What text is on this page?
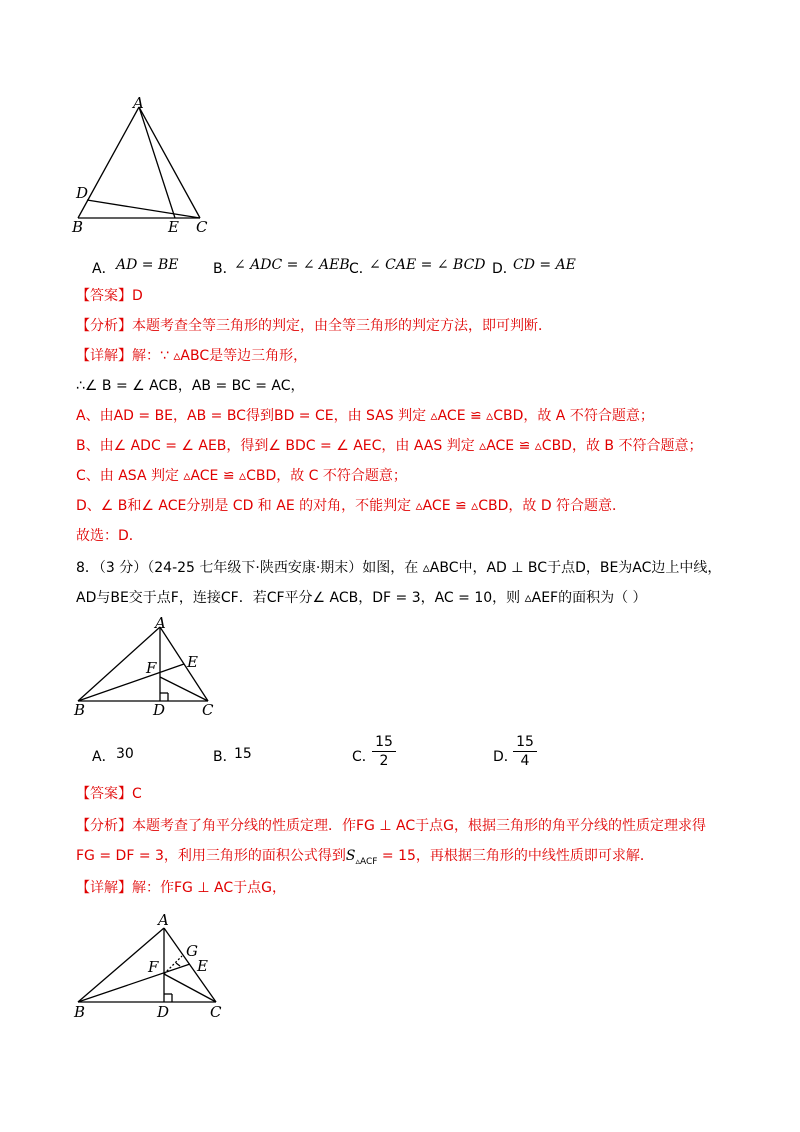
A
D
B	E C
A． AD = BE B．
∠ ADC = ∠ AEB C．
∠ CAE = ∠ BCD D．
CD = AE
【答案】D
【分析】本题考查全等三角形的判定，由全等三角形的判定方法，即可判断．
【详解】解：∵ ▵ABC是等边三角形，
∴∠ B = ∠ ACB，AB = BC = AC，
A、由AD = BE，AB = BC得到BD = CE，由 SAS 判定 ▵ACE ≌ ▵CBD，故 A 不符合题意；
B、由∠ ADC = ∠ AEB，得到∠ BDC = ∠ AEC，由 AAS 判定 ▵ACE ≌ ▵CBD，故 B 不符合题意；
C、由 ASA 判定 ▵ACE ≌ ▵CBD，故 C 不符合题意；
D、∠ B和∠ ACE分别是 CD 和 AE 的对角，不能判定 ▵ACE ≌ ▵CBD，故 D 符合题意．
故选：D．
8．（3 分）（24-25 七年级下·陕西安康·期末）如图，在 ▵ABC中，AD ⊥ BC于点D，BE为AC边上中线，
AD与BE交于点F，连接CF．若CF平分∠ ACB，DF = 3，AC = 10，则 ▵AEF的面积为（ ）
A
E
F
B	D C
A． 30	B．
15	C．
15
2	D．
15
4
【答案】C
【分析】本题考查了角平分线的性质定理．作FG ⊥ AC于点G，根据三角形的角平分线的性质定理求得
FG = DF = 3，利用三角形的面积公式得到$S_{▵ACF} = 15$，再根据三角形的中线性质即可求解．
【详解】解：作FG ⊥ AC于点G，
A
G
E
F
B	D	C
